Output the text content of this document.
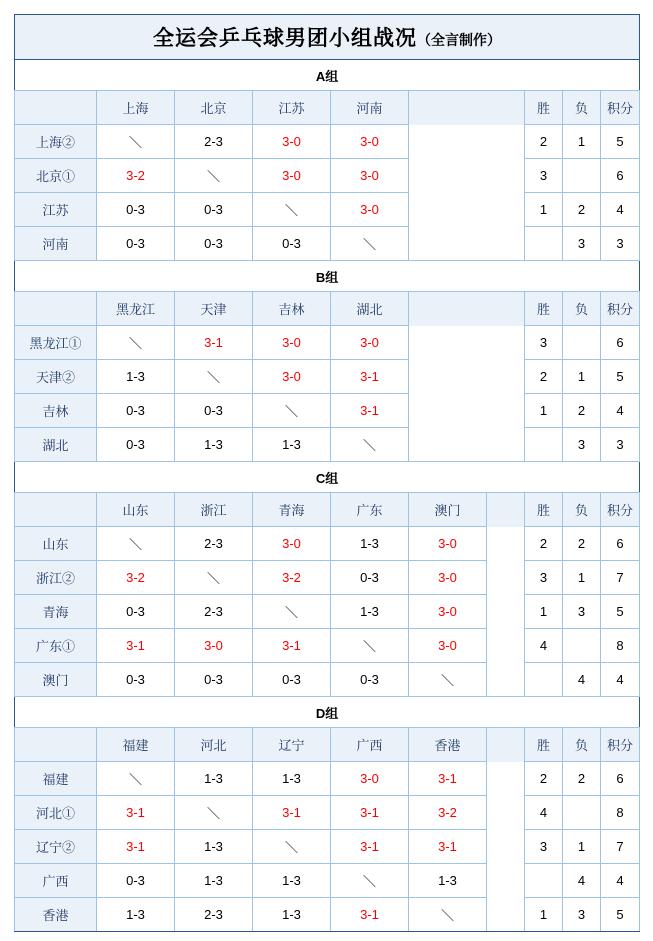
全运会乒乓球男团小组战况（全言制作）									
A组									
	上海	北京	江苏	河南			胜	负	积分
上海②	＼	2-3	3-0	3-0			2	1	5
北京①	3-2	＼	3-0	3-0			3		6
江苏	0-3	0-3	＼	3-0			1	2	4
河南	0-3	0-3	0-3	＼				3	3
B组									
	黑龙江	天津	吉林	湖北			胜	负	积分
黑龙江①	＼	3-1	3-0	3-0			3		6
天津②	1-3	＼	3-0	3-1			2	1	5
吉林	0-3	0-3	＼	3-1			1	2	4
湖北	0-3	1-3	1-3	＼				3	3
C组									
	山东	浙江	青海	广东	澳门		胜	负	积分
山东	＼	2-3	3-0	1-3	3-0		2	2	6
浙江②	3-2	＼	3-2	0-3	3-0		3	1	7
青海	0-3	2-3	＼	1-3	3-0		1	3	5
广东①	3-1	3-0	3-1	＼	3-0		4		8
澳门	0-3	0-3	0-3	0-3	＼			4	4
D组									
	福建	河北	辽宁	广西	香港		胜	负	积分
福建	＼	1-3	1-3	3-0	3-1		2	2	6
河北①	3-1	＼	3-1	3-1	3-2		4		8
辽宁②	3-1	1-3	＼	3-1	3-1		3	1	7
广西	0-3	1-3	1-3	＼	1-3			4	4
香港	1-3	2-3	1-3	3-1	＼		1	3	5
